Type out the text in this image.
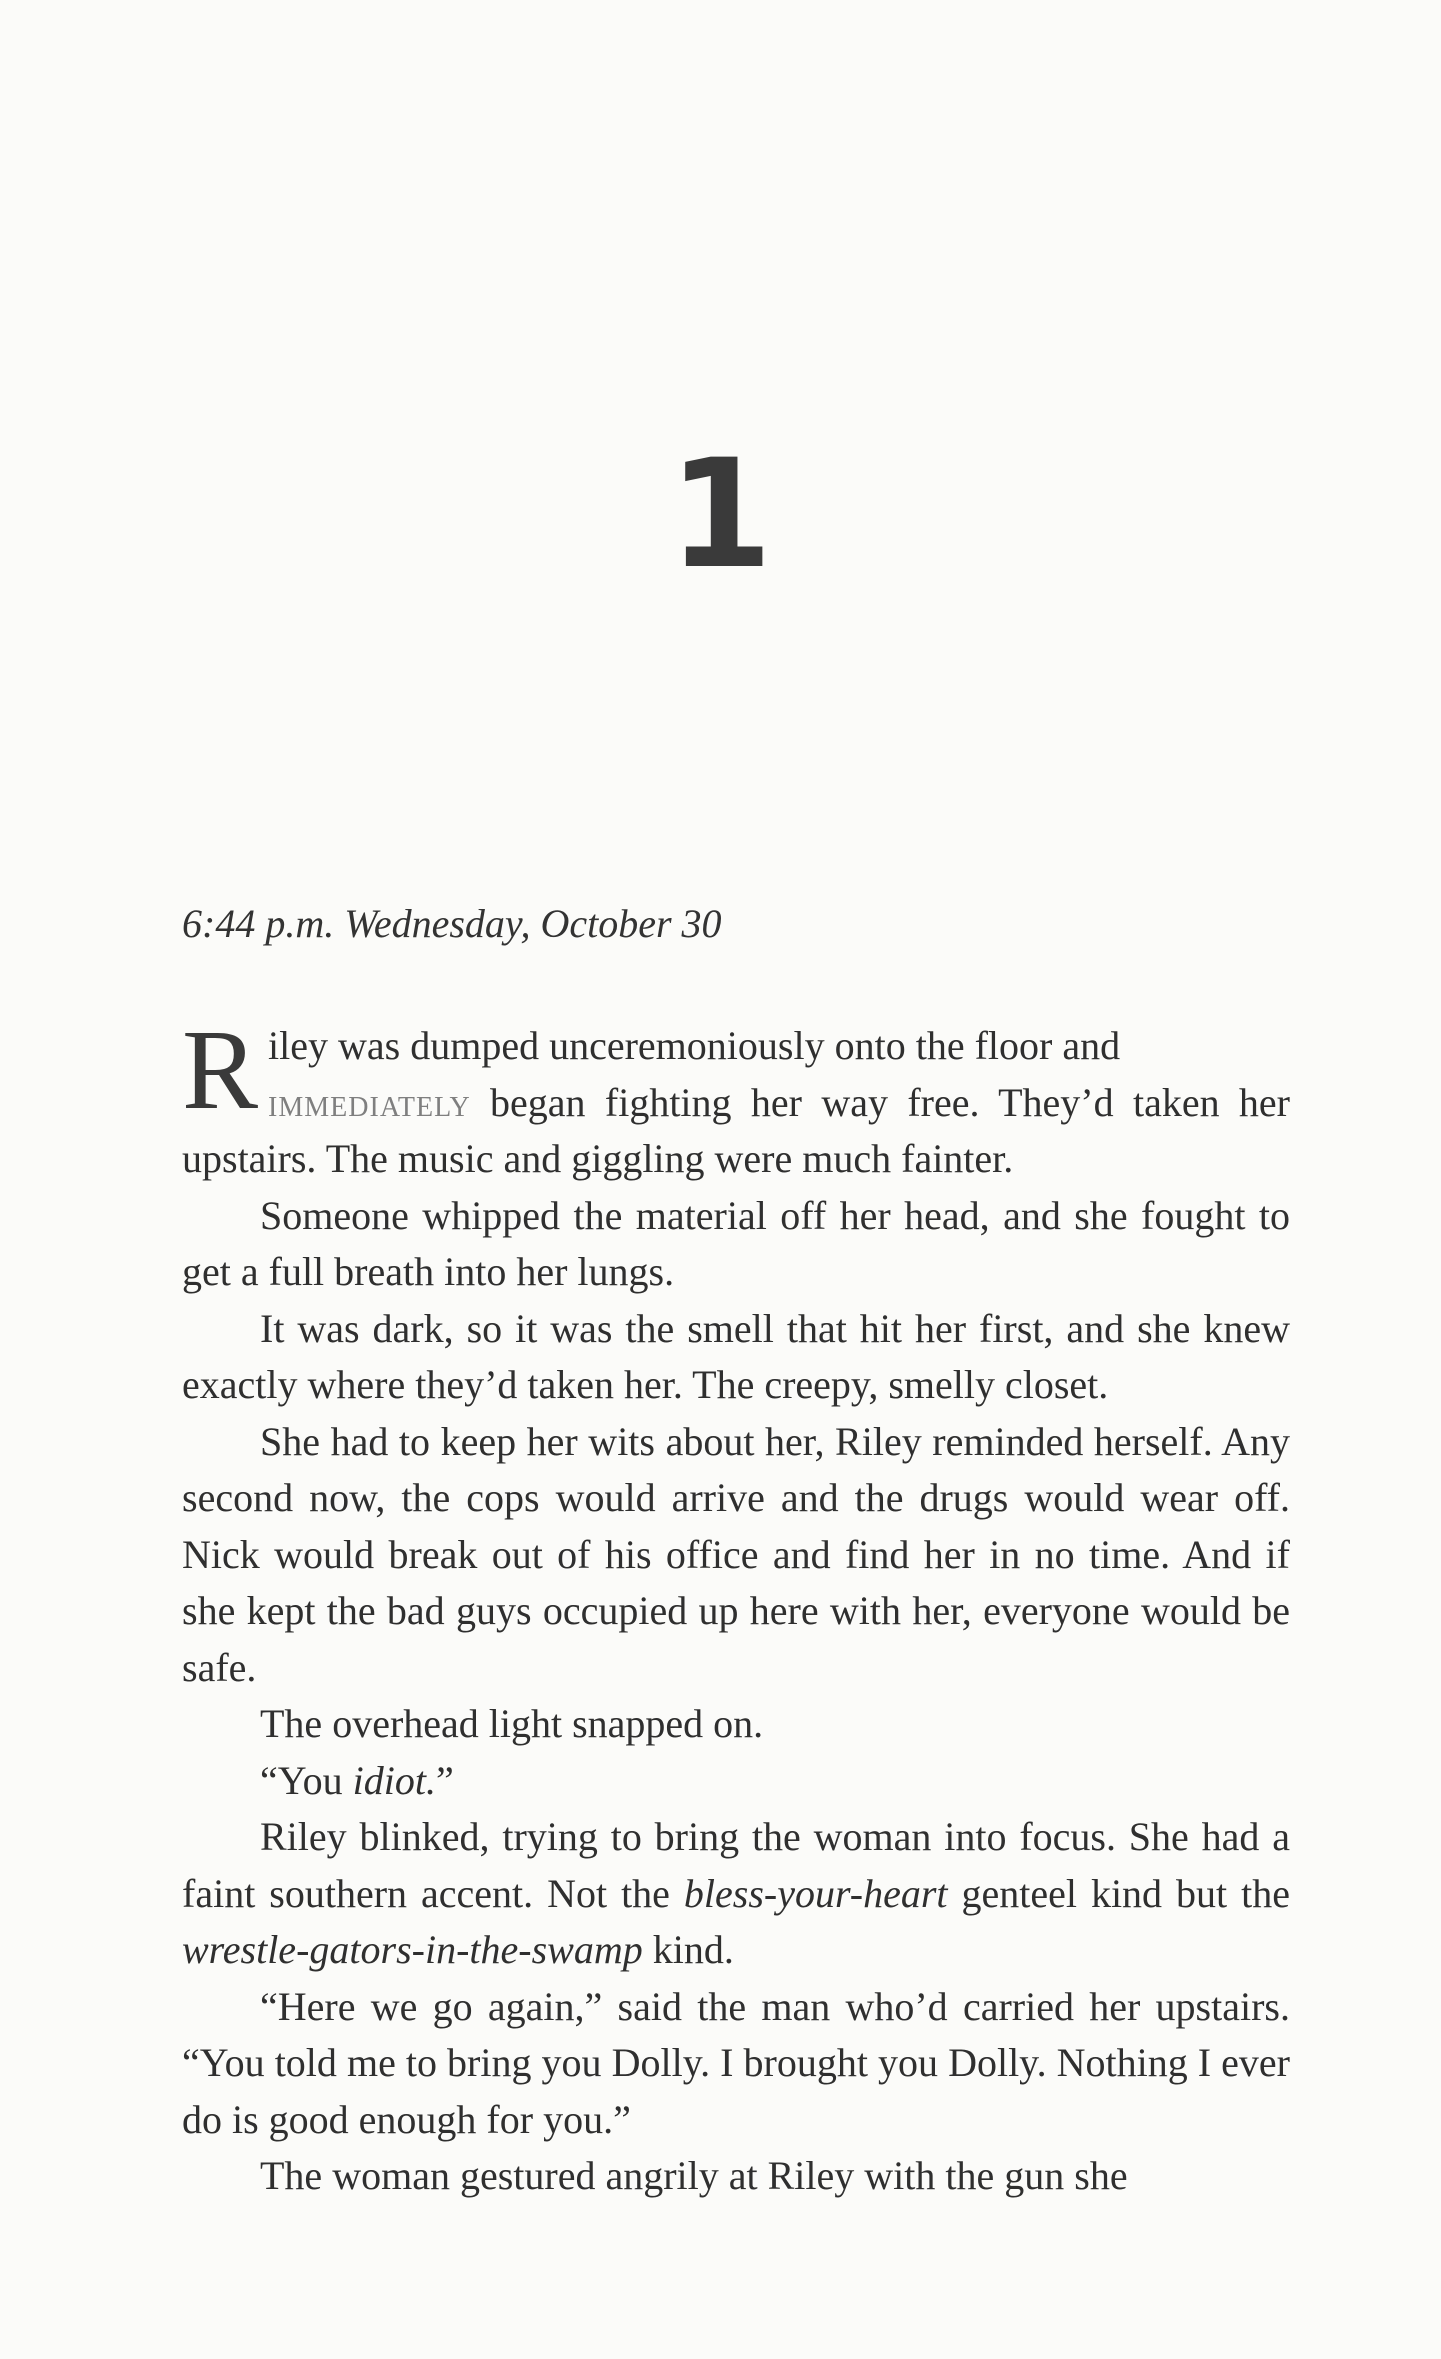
1
6:44 p.m. Wednesday, October 30

Riley was dumped unceremoniously onto the floor and
immediately began fighting her way free. They’d taken her upstairs. The music and giggling were much fainter.

Someone whipped the material off her head, and she fought to get a full breath into her lungs.

It was dark, so it was the smell that hit her first, and she knew exactly where they’d taken her. The creepy, smelly closet.

She had to keep her wits about her, Riley reminded herself. Any second now, the cops would arrive and the drugs would wear off. Nick would break out of his office and find her in no time. And if she kept the bad guys occupied up here with her, everyone would be safe.

The overhead light snapped on.

“You idiot.”

Riley blinked, trying to bring the woman into focus. She had a faint southern accent. Not the bless-your-heart genteel kind but the wrestle-gators-in-the-swamp kind.

“Here we go again,” said the man who’d carried her upstairs. “You told me to bring you Dolly. I brought you Dolly. Nothing I ever do is good enough for you.”

The woman gestured angrily at Riley with the gun she
